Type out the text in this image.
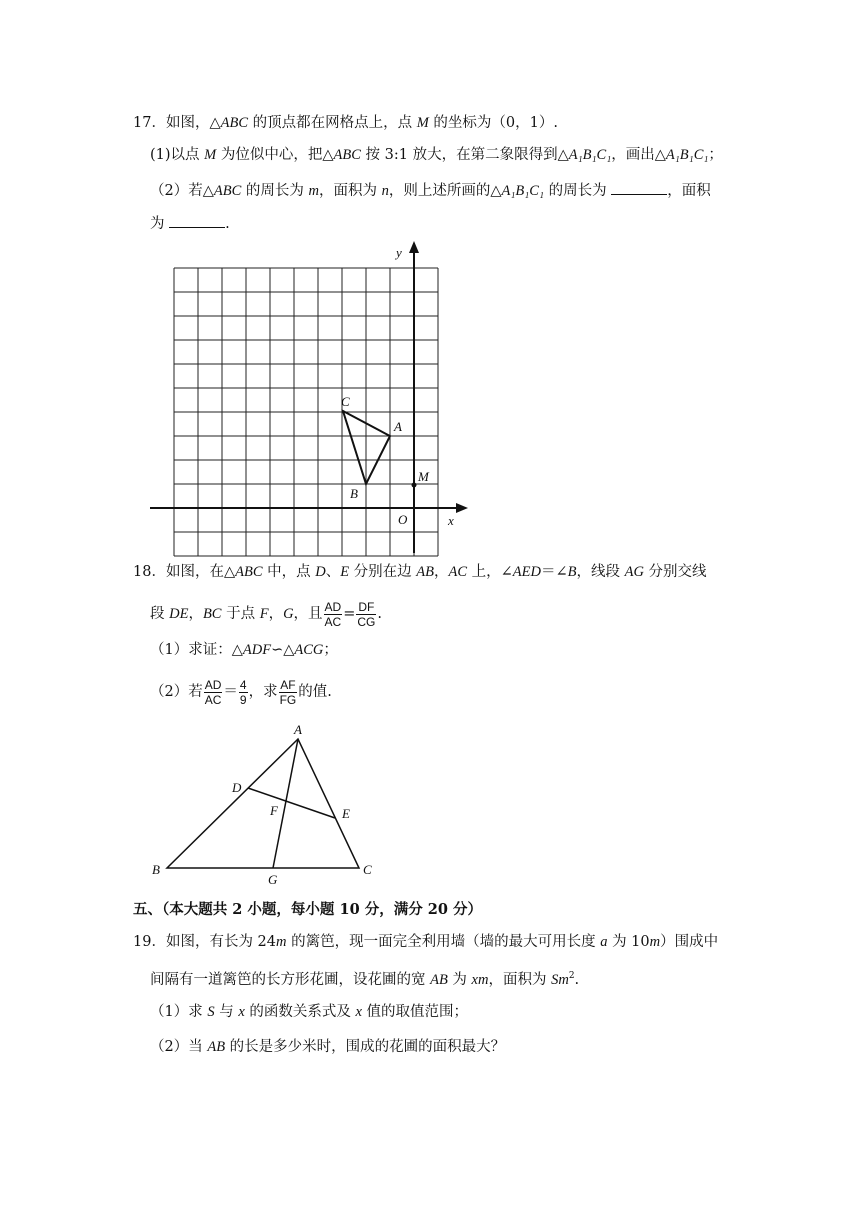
17．如图，△ABC 的顶点都在网格点上，点 M 的坐标为（0，1）.
(1)以点 M 为位似中心，把△ABC 按 3:1 放大，在第二象限得到△A₁B₁C₁，画出△A₁B₁C₁；
（2）若△ABC 的周长为 m，面积为 n，则上述所画的△A₁B₁C₁ 的周长为	，面积
为	.
y
x
O
C
A
B
M
18．如图，在△ABC 中，点 D、E 分别在边 AB，AC 上，∠AED＝∠B，线段 AG 分别交线
段 DE，BC 于点 F，G，且 $\frac{AD}{AC} = \frac{DF}{CG}$ .
（1）求证：△ADF∽△ACG；
（2）若 $\frac{AD}{AC} = \frac{4}{9}$ ，求 $\frac{AF}{FG}$ 的值.
A
B	C
D
E
F
G
五、（本大题共 2 小题，每小题 10 分，满分 20 分）
19．如图，有长为 24m 的篱笆，现一面完全利用墙（墙的最大可用长度 a 为 10m）围成中
间隔有一道篱笆的长方形花圃，设花圃的宽 AB 为 xm，面积为 Sm$^2$.
（1）求 S 与 x 的函数关系式及 x 值的取值范围；
（2）当 AB 的长是多少米时，围成的花圃的面积最大？
